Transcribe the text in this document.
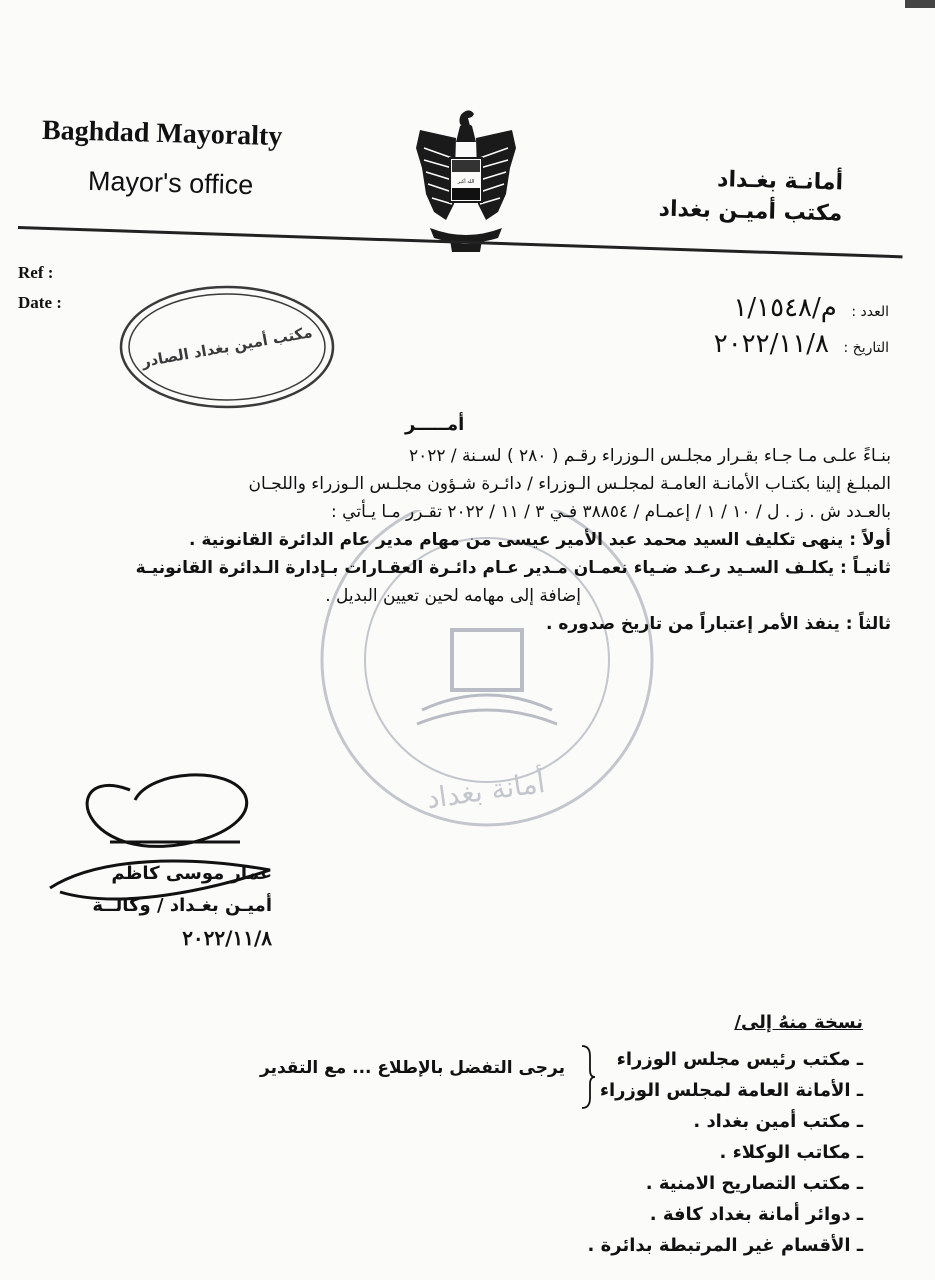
Baghdad Mayoralty
Mayor's office	الله أكبر	أمانـة بغـداد
مكتب أميـن بغداد
Ref :
Date :
مكتب أمين بغداد الصادر
العدد : م/١/١٥٤٨
التاريخ : ٢٠٢٢/١١/٨
أمانة بغداد
أمـــــر

بنـاءً علـى مـا جـاء بقـرار مجلـس الـوزراء رقـم ( ٢٨٠ ) لسـنة / ٢٠٢٢

المبلـغ إلينا بكتـاب الأمانـة العامـة لمجلـس الـوزراء / دائـرة شـؤون مجلـس الـوزراء واللجـان

بالعـدد ش . ز . ل / ١٠ / ١ / إعمـام / ٣٨٨٥٤ فـي ٣ / ١١ / ٢٠٢٢ تقـرر مـا يـأتي :

أولاً : ينهى تكليف السيد محمد عبد الأمير عيسى من مهام مدير عام الدائرة القانونية .

ثانيـاً : يكلـف السـيد رعـد ضـياء نعمـان مـدير عـام دائـرة العقـارات بـإدارة الـدائرة القانونيـة

إضافة إلى مهامه لحين تعيين البديل .

ثالثاً : ينفذ الأمر إعتباراً من تاريخ صدوره .

عمار موسى كاظم
أميـن بغـداد / وكالــة
٢٠٢٢/١١/٨
نسخة منهُ إلى/
ـ مكتب رئيس مجلس الوزراء
ـ الأمانة العامة لمجلس الوزراء
ـ مكتب أمين بغداد .
ـ مكاتب الوكلاء .
ـ مكتب التصاريح الامنية .
ـ دوائر أمانة بغداد كافة .
ـ الأقسام غير المرتبطة بدائرة .
يرجى التفضل بالإطلاع ... مع التقدير
